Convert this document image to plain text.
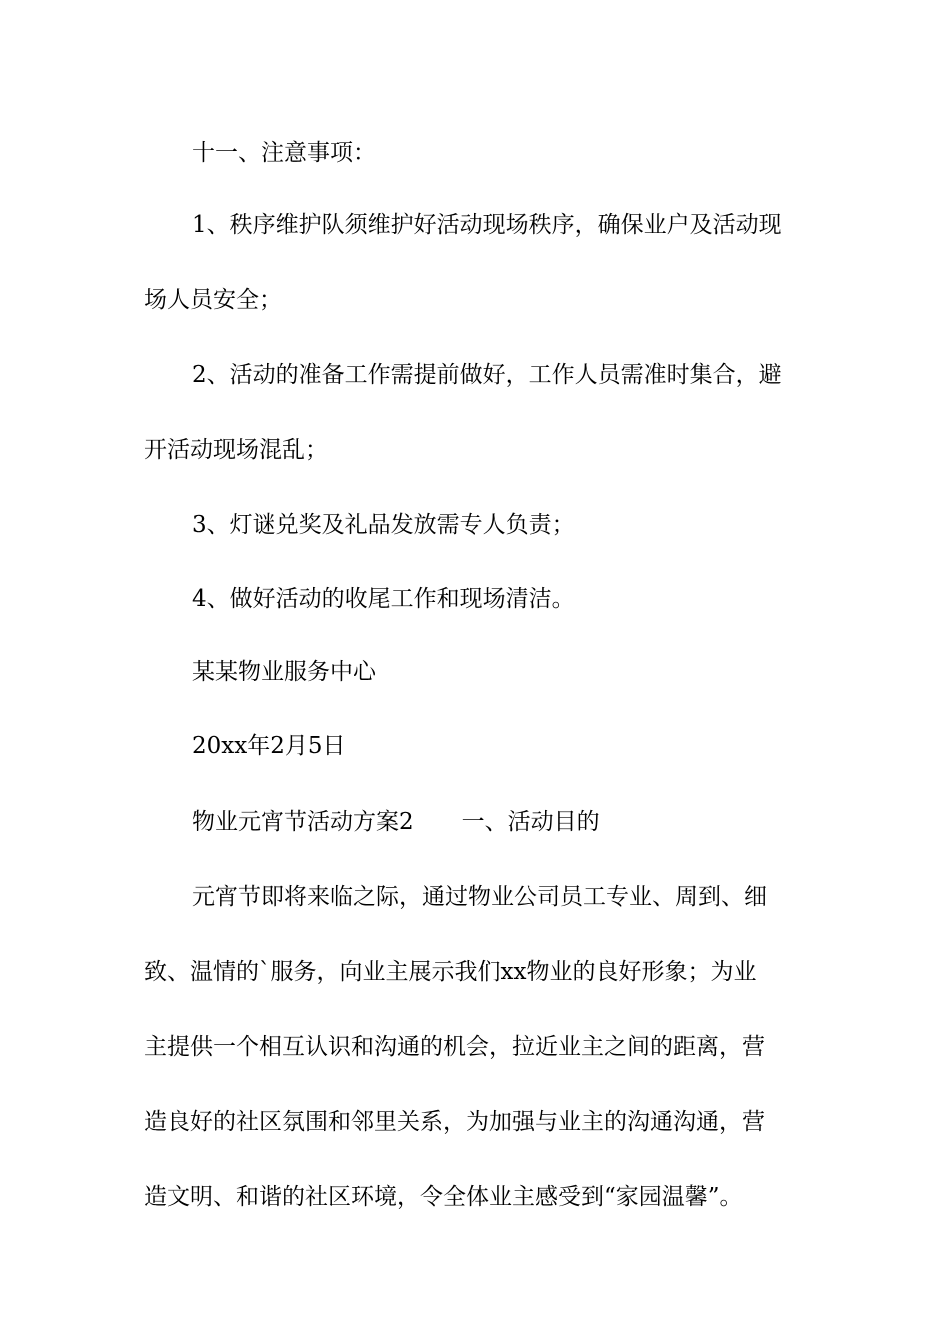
十一、注意事项：
1、秩序维护队须维护好活动现场秩序，确保业户及活动现
场人员安全；
2、活动的准备工作需提前做好，工作人员需准时集合，避
开活动现场混乱；
3、灯谜兑奖及礼品发放需专人负责；
4、做好活动的收尾工作和现场清洁。
某某物业服务中心
20xx年2月5日
物业元宵节活动方案2 一、活动目的
元宵节即将来临之际，通过物业公司员工专业、周到、细
致、温情的`服务，向业主展示我们xx物业的良好形象；为业
主提供一个相互认识和沟通的机会，拉近业主之间的距离，营
造良好的社区氛围和邻里关系，为加强与业主的沟通沟通，营
造文明、和谐的社区环境，令全体业主感受到“家园温馨”。
